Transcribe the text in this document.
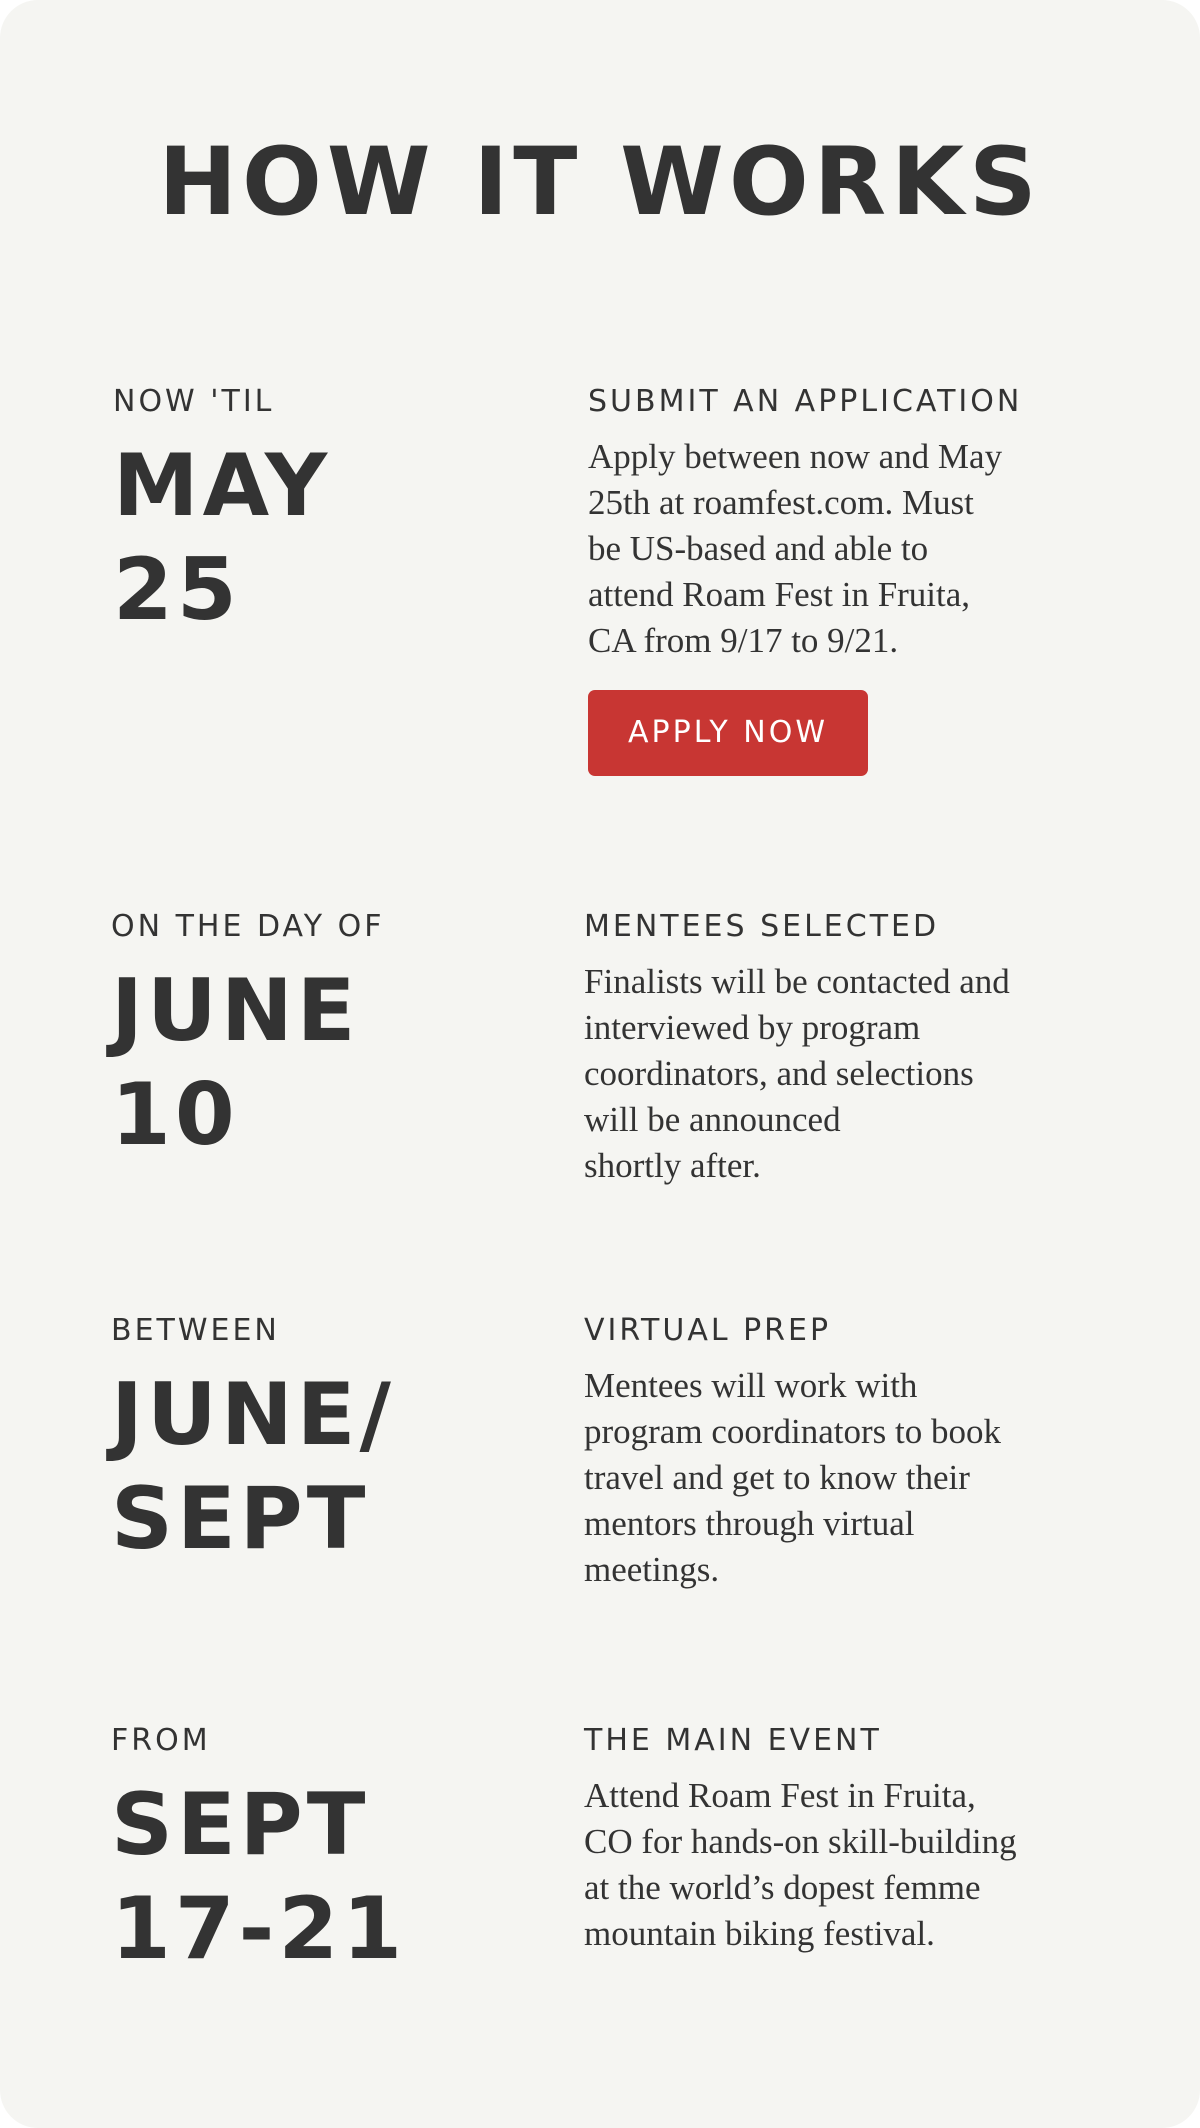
HOW IT WORKS
NOW 'TIL
MAY
25
SUBMIT AN APPLICATION
Apply between now and May
25th at roamfest.com. Must
be US-based and able to
attend Roam Fest in Fruita,
CA from 9/17 to 9/21.
APPLY NOW
ON THE DAY OF
JUNE
10
MENTEES SELECTED
Finalists will be contacted and
interviewed by program
coordinators, and selections
will be announced
shortly after.
BETWEEN
JUNE/
SEPT
VIRTUAL PREP
Mentees will work with
program coordinators to book
travel and get to know their
mentors through virtual
meetings.
FROM
SEPT
17-21
THE MAIN EVENT
Attend Roam Fest in Fruita,
CO for hands-on skill-building
at the world’s dopest femme
mountain biking festival.
